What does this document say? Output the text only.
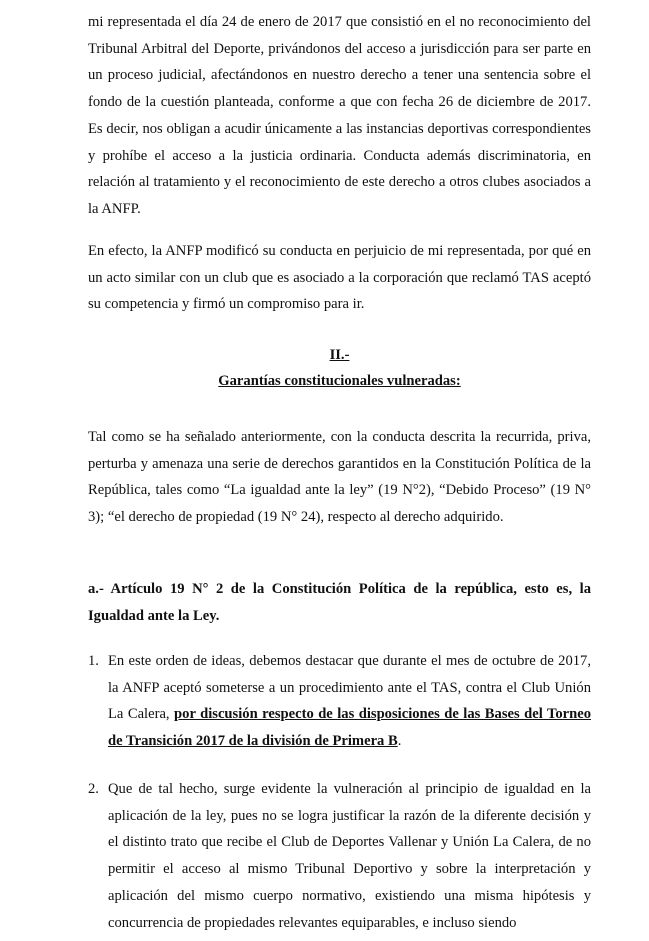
mi representada el día 24 de enero de 2017 que consistió en el no reconocimiento del Tribunal Arbitral del Deporte, privándonos del acceso a jurisdicción para ser parte en un proceso judicial, afectándonos en nuestro derecho a tener una sentencia sobre el fondo de la cuestión planteada, conforme a que con fecha 26 de diciembre de 2017. Es decir, nos obligan a acudir únicamente a las instancias deportivas correspondientes y prohíbe el acceso a la justicia ordinaria. Conducta además discriminatoria, en relación al tratamiento y el reconocimiento de este derecho a otros clubes asociados a la ANFP.

En efecto, la ANFP modificó su conducta en perjuicio de mi representada, por qué en un acto similar con un club que es asociado a la corporación que reclamó TAS aceptó su competencia y firmó un compromiso para ir.

II.-

Garantías constitucionales vulneradas:

Tal como se ha señalado anteriormente, con la conducta descrita la recurrida, priva, perturba y amenaza una serie de derechos garantidos en la Constitución Política de la República, tales como “La igualdad ante la ley” (19 N°2), “Debido Proceso” (19 N° 3); “el derecho de propiedad (19 N° 24), respecto al derecho adquirido.

a.- Artículo 19 N° 2 de la Constitución Política de la república, esto es, la Igualdad ante la Ley.

1. En este orden de ideas, debemos destacar que durante el mes de octubre de 2017, la ANFP aceptó someterse a un procedimiento ante el TAS, contra el Club Unión La Calera, por discusión respecto de las disposiciones de las Bases del Torneo de Transición 2017 de la división de Primera B.
2. Que de tal hecho, surge evidente la vulneración al principio de igualdad en la aplicación de la ley, pues no se logra justificar la razón de la diferente decisión y el distinto trato que recibe el Club de Deportes Vallenar y Unión La Calera, de no permitir el acceso al mismo Tribunal Deportivo y sobre la interpretación y aplicación del mismo cuerpo normativo, existiendo una misma hipótesis y concurrencia de propiedades relevantes equiparables, e incluso siendo
